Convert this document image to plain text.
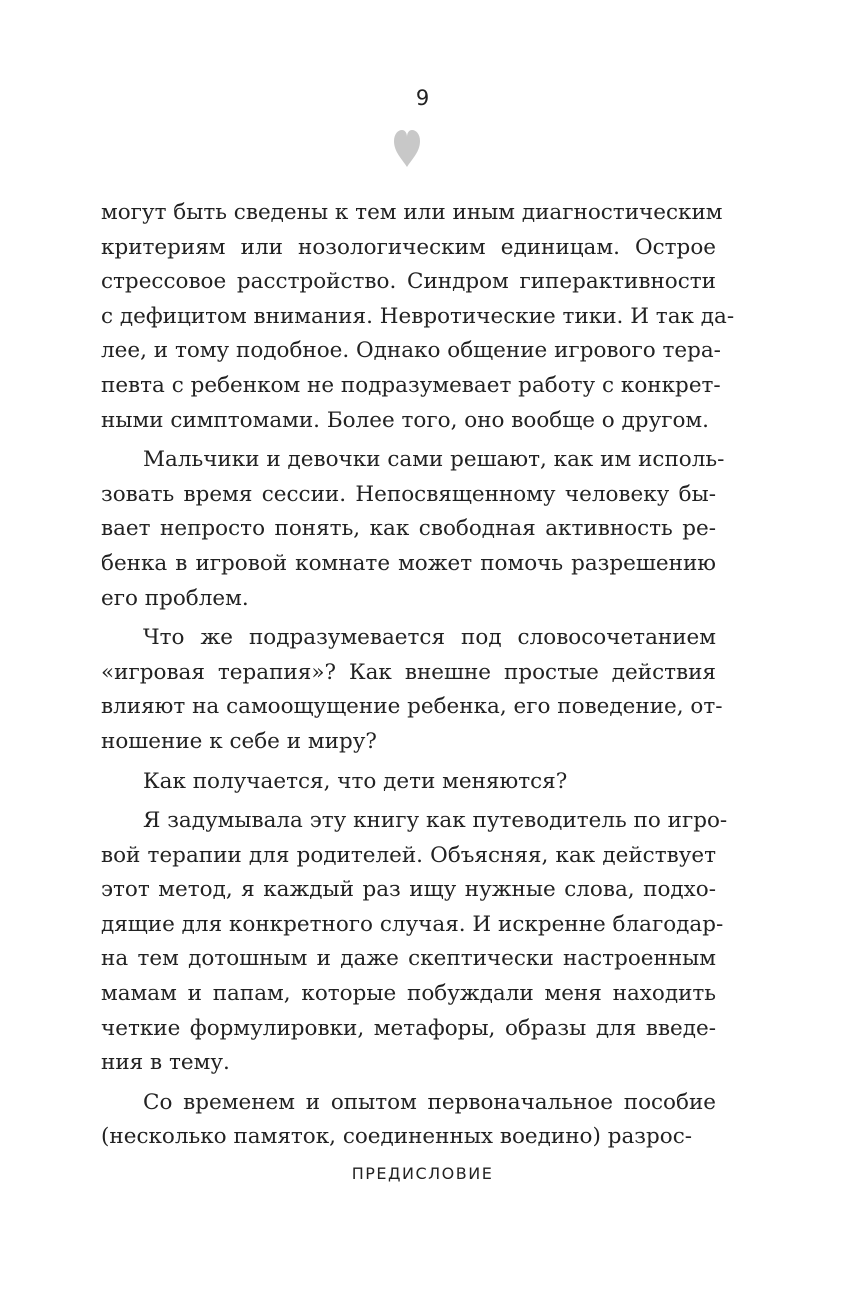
9
могут быть сведены к тем или иным диагностическим
критериям или нозологическим единицам. Острое
стрессовое расстройство. Синдром гиперактивности
с дефицитом внимания. Невротические тики. И так да-
лее, и тому подобное. Однако общение игрового тера-
певта с ребенком не подразумевает работу с конкрет-
ными симптомами. Более того, оно вообще о другом.
Мальчики и девочки сами решают, как им исполь-
зовать время сессии. Непосвященному человеку бы-
вает непросто понять, как свободная активность ре-
бенка в игровой комнате может помочь разрешению
его проблем.
Что же подразумевается под словосочетанием
«игровая терапия»? Как внешне простые действия
влияют на самоощущение ребенка, его поведение, от-
ношение к себе и миру?
Как получается, что дети меняются?
Я задумывала эту книгу как путеводитель по игро-
вой терапии для родителей. Объясняя, как действует
этот метод, я каждый раз ищу нужные слова, подхо-
дящие для конкретного случая. И искренне благодар-
на тем дотошным и даже скептически настроенным
мамам и папам, которые побуждали меня находить
четкие формулировки, метафоры, образы для введе-
ния в тему.
Со временем и опытом первоначальное пособие
(несколько памяток, соединенных воедино) разрос-
ПРЕДИСЛОВИЕ
